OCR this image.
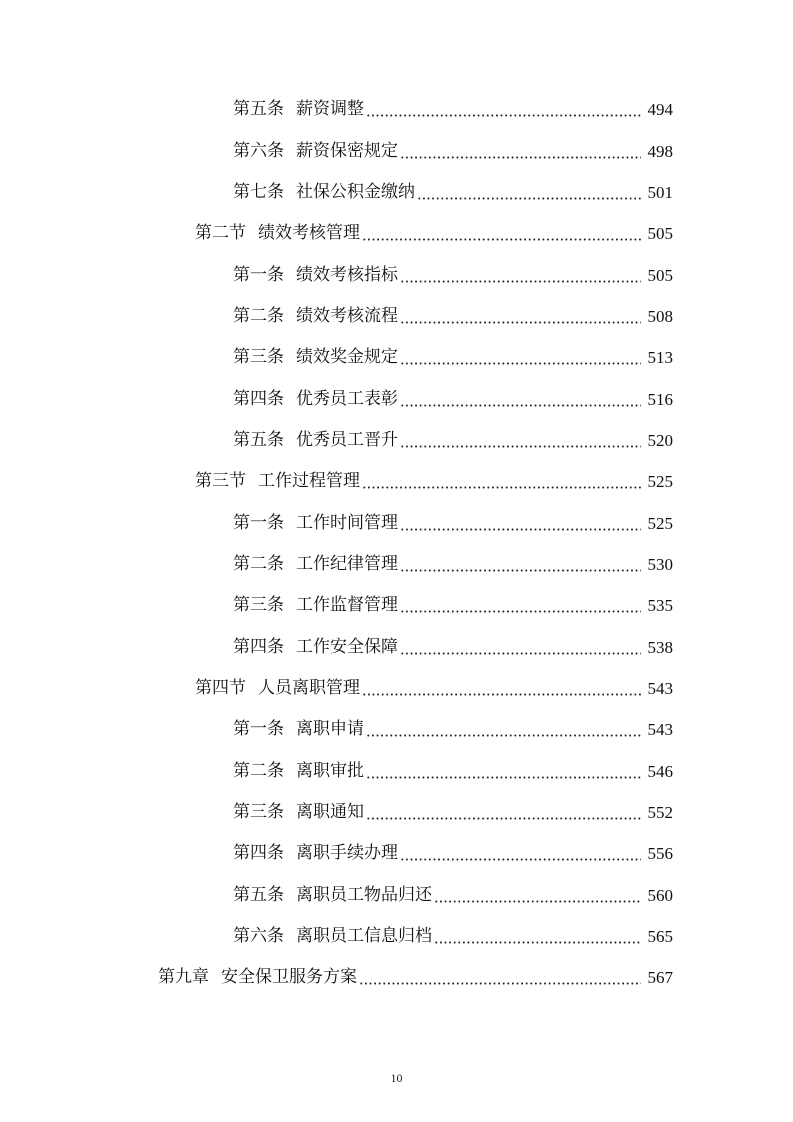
第五条 薪资调整	494
第六条 薪资保密规定	498
第七条 社保公积金缴纳	501
第二节 绩效考核管理	505
第一条 绩效考核指标	505
第二条 绩效考核流程	508
第三条 绩效奖金规定	513
第四条 优秀员工表彰	516
第五条 优秀员工晋升	520
第三节 工作过程管理	525
第一条 工作时间管理	525
第二条 工作纪律管理	530
第三条 工作监督管理	535
第四条 工作安全保障	538
第四节 人员离职管理	543
第一条 离职申请	543
第二条 离职审批	546
第三条 离职通知	552
第四条 离职手续办理	556
第五条 离职员工物品归还	560
第六条 离职员工信息归档	565
第九章 安全保卫服务方案	567
10
